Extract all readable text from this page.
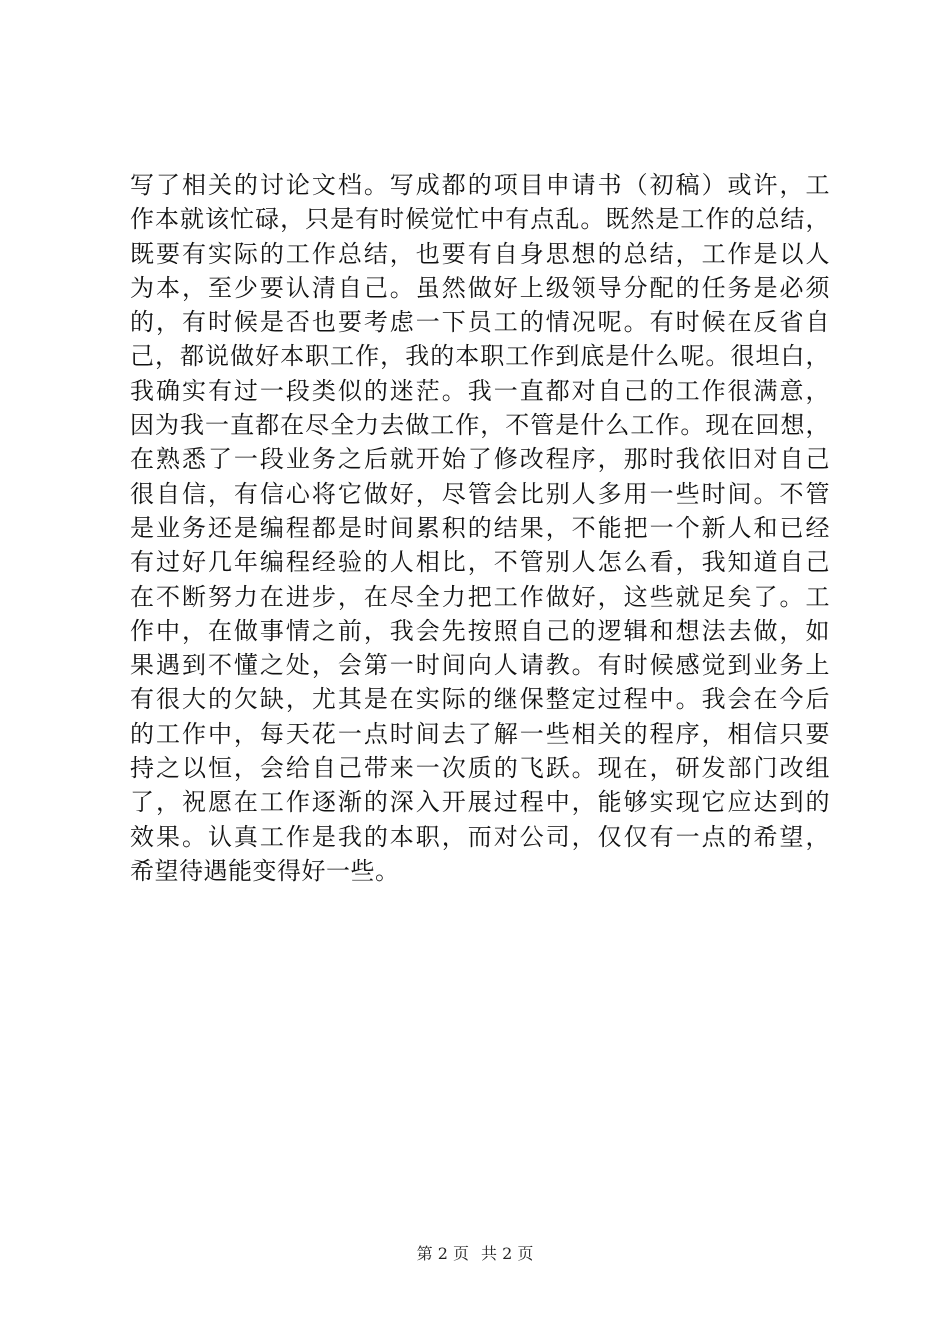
写了相关的讨论文档。写成都的项目申请书（初稿）或许，工
作本就该忙碌，只是有时候觉忙中有点乱。既然是工作的总结，
既要有实际的工作总结，也要有自身思想的总结，工作是以人
为本，至少要认清自己。虽然做好上级领导分配的任务是必须
的，有时候是否也要考虑一下员工的情况呢。有时候在反省自
己，都说做好本职工作，我的本职工作到底是什么呢。很坦白，
我确实有过一段类似的迷茫。我一直都对自己的工作很满意，
因为我一直都在尽全力去做工作，不管是什么工作。现在回想，
在熟悉了一段业务之后就开始了修改程序，那时我依旧对自己
很自信，有信心将它做好，尽管会比别人多用一些时间。不管
是业务还是编程都是时间累积的结果，不能把一个新人和已经
有过好几年编程经验的人相比，不管别人怎么看，我知道自己
在不断努力在进步，在尽全力把工作做好，这些就足矣了。工
作中，在做事情之前，我会先按照自己的逻辑和想法去做，如
果遇到不懂之处，会第一时间向人请教。有时候感觉到业务上
有很大的欠缺，尤其是在实际的继保整定过程中。我会在今后
的工作中，每天花一点时间去了解一些相关的程序，相信只要
持之以恒，会给自己带来一次质的飞跃。现在，研发部门改组
了，祝愿在工作逐渐的深入开展过程中，能够实现它应达到的
效果。认真工作是我的本职，而对公司，仅仅有一点的希望，
希望待遇能变得好一些。
第 2 页 共 2 页
